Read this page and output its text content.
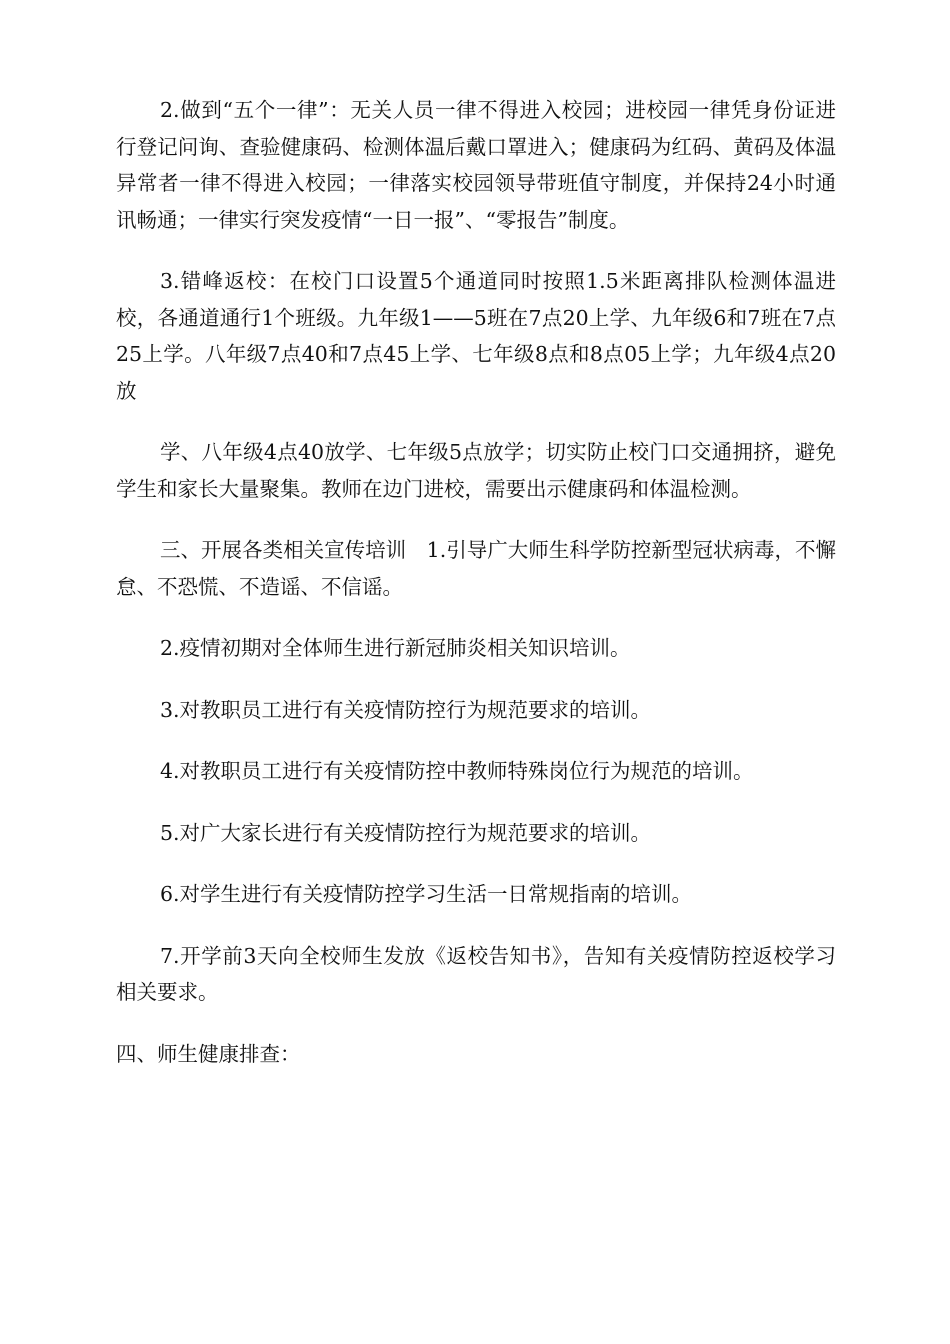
2.做到“五个一律”：无关人员一律不得进入校园；进校园一律凭身份证进行登记问询、查验健康码、检测体温后戴口罩进入；健康码为红码、黄码及体温异常者一律不得进入校园；一律落实校园领导带班值守制度，并保持24小时通讯畅通；一律实行突发疫情“一日一报”、“零报告”制度。

3.错峰返校：在校门口设置5个通道同时按照1.5米距离排队检测体温进校，各通道通行1个班级。九年级1——5班在7点20上学、九年级6和7班在7点25上学。八年级7点40和7点45上学、七年级8点和8点05上学；九年级4点20放

学、八年级4点40放学、七年级5点放学；切实防止校门口交通拥挤，避免学生和家长大量聚集。教师在边门进校，需要出示健康码和体温检测。

三、开展各类相关宣传培训　1.引导广大师生科学防控新型冠状病毒，不懈怠、不恐慌、不造谣、不信谣。

2.疫情初期对全体师生进行新冠肺炎相关知识培训。

3.对教职员工进行有关疫情防控行为规范要求的培训。

4.对教职员工进行有关疫情防控中教师特殊岗位行为规范的培训。

5.对广大家长进行有关疫情防控行为规范要求的培训。

6.对学生进行有关疫情防控学习生活一日常规指南的培训。

7.开学前3天向全校师生发放《返校告知书》，告知有关疫情防控返校学习相关要求。

四、师生健康排查：
